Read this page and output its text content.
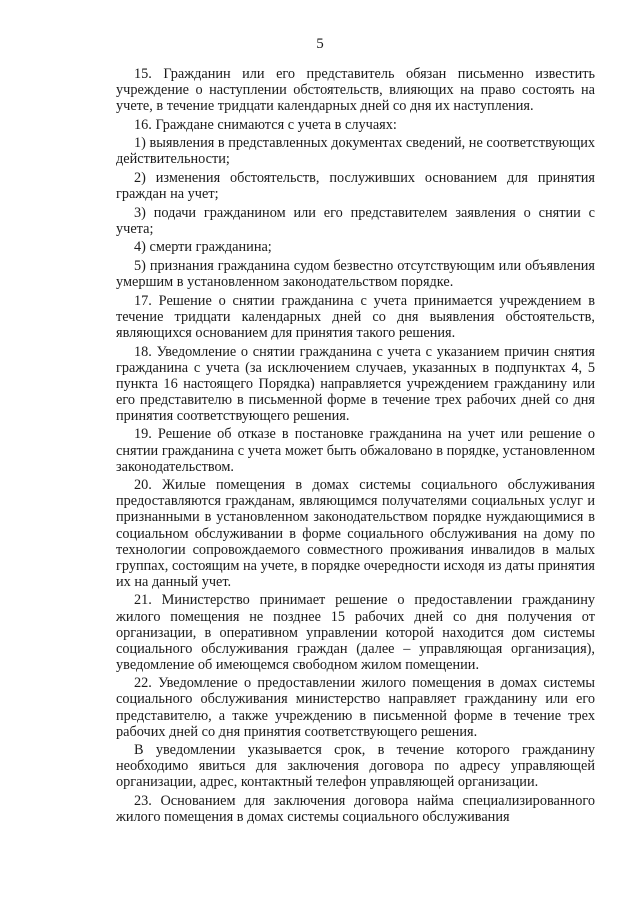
5

15. Гражданин или его представитель обязан письменно известить учреждение о наступлении обстоятельств, влияющих на право состоять на учете, в течение тридцати календарных дней со дня их наступления.

16. Граждане снимаются с учета в случаях:

1) выявления в представленных документах сведений, не соответствующих действительности;

2) изменения обстоятельств, послуживших основанием для принятия граждан на учет;

3) подачи гражданином или его представителем заявления о снятии с учета;

4) смерти гражданина;

5) признания гражданина судом безвестно отсутствующим или объявления умершим в установленном законодательством порядке.

17. Решение о снятии гражданина с учета принимается учреждением в течение тридцати календарных дней со дня выявления обстоятельств, являющихся основанием для принятия такого решения.

18. Уведомление о снятии гражданина с учета с указанием причин снятия гражданина с учета (за исключением случаев, указанных в подпунктах 4, 5 пункта 16 настоящего Порядка) направляется учреждением гражданину или его представителю в письменной форме в течение трех рабочих дней со дня принятия соответствующего решения.

19. Решение об отказе в постановке гражданина на учет или решение о снятии гражданина с учета может быть обжаловано в порядке, установленном законодательством.

20. Жилые помещения в домах системы социального обслуживания предоставляются гражданам, являющимся получателями социальных услуг и признанными в установленном законодательством порядке нуждающимися в социальном обслуживании в форме социального обслуживания на дому по технологии сопровождаемого совместного проживания инвалидов в малых группах, состоящим на учете, в порядке очередности исходя из даты принятия их на данный учет.

21. Министерство принимает решение о предоставлении гражданину жилого помещения не позднее 15 рабочих дней со дня получения от организации, в оперативном управлении которой находится дом системы социального обслуживания граждан (далее – управляющая организация), уведомление об имеющемся свободном жилом помещении.

22. Уведомление о предоставлении жилого помещения в домах системы социального обслуживания министерство направляет гражданину или его представителю, а также учреждению в письменной форме в течение трех рабочих дней со дня принятия соответствующего решения.

В уведомлении указывается срок, в течение которого гражданину необходимо явиться для заключения договора по адресу управляющей организации, адрес, контактный телефон управляющей организации.

23. Основанием для заключения договора найма специализированного жилого помещения в домах системы социального обслуживания
